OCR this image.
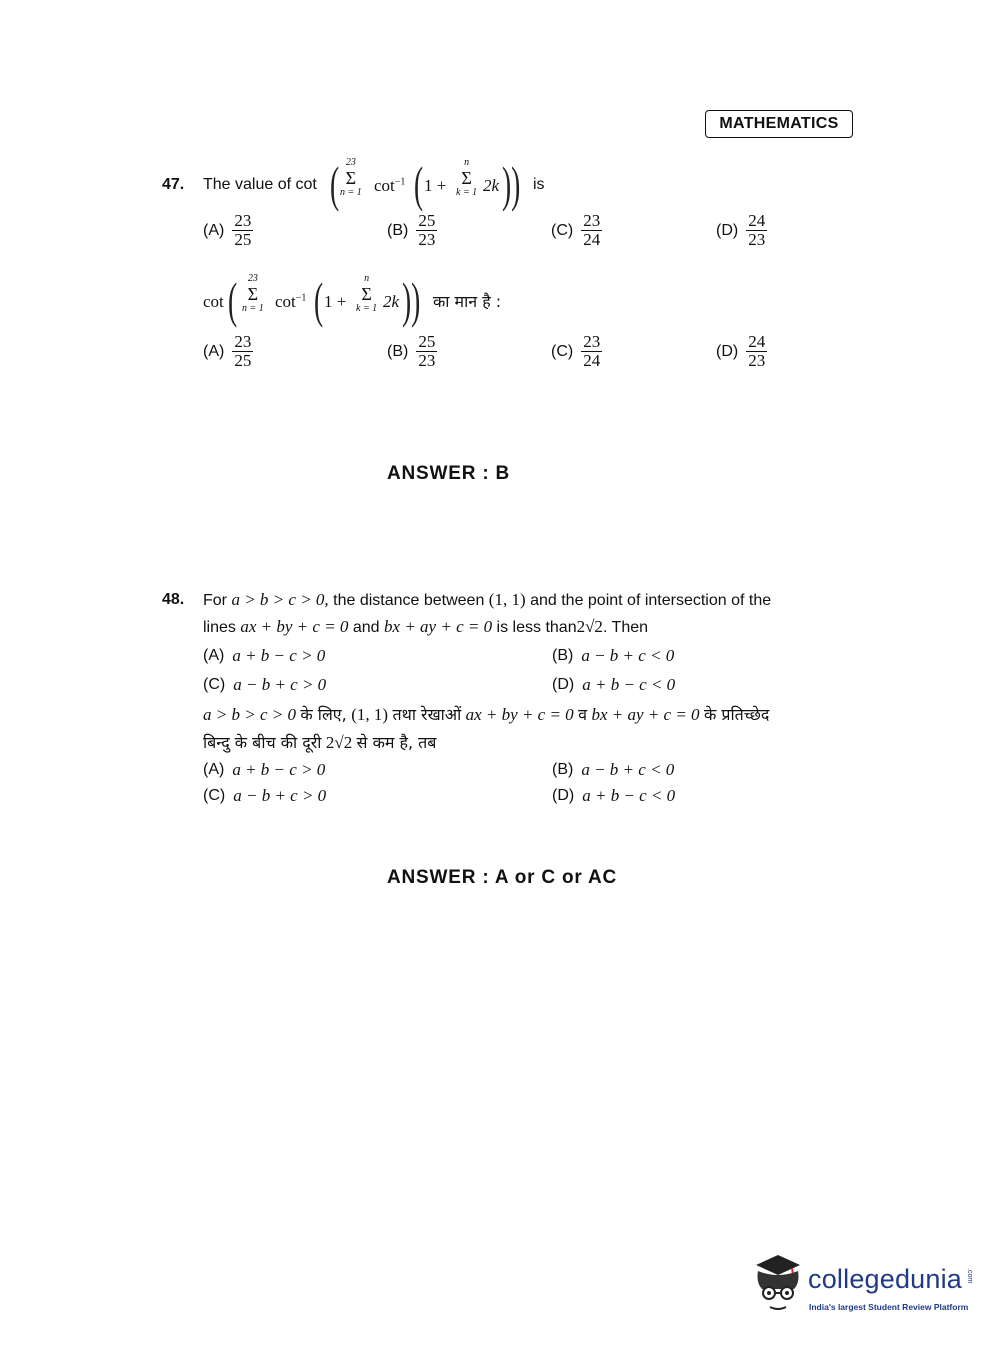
MATHEMATICS
47. The value of cot ( 23
Σ
n = 1 $\cot^{-1}$ ( 1 +
n
Σ
k = 1 2k )) is
$(A) \frac{23}{25}$	$(B) \frac{25}{23}$	$(C) \frac{23}{24}$	$(D) \frac{24}{23}$
cot ( 23
Σ
n = 1 $\cot^{-1}$ ( 1 +
n
Σ
k = 1 2k )) का मान है :
$(A) \frac{23}{25}$	$(B) \frac{25}{23}$	$(C) \frac{23}{24}$	$(D) \frac{24}{23}$
ANSWER : B
48. For a > b > c > 0, the distance between (1, 1) and the point of intersection of the
lines ax + by + c = 0 and bx + ay + c = 0 is less than2√2. Then
(A) a + b − c > 0	(B) a − b + c < 0
(C) a − b + c > 0	(D) a + b − c < 0
a > b > c > 0 के लिए, (1, 1) तथा रेखाओं ax + by + c = 0 व bx + ay + c = 0 के प्रतिच्छेद
बिन्दु के बीच की दूरी 2√2 से कम है, तब
(A) a + b − c > 0	(B) a − b + c < 0
(C) a − b + c > 0	(D) a + b − c < 0
ANSWER : A or C or AC
collegedunia .com
India's largest Student Review Platform
